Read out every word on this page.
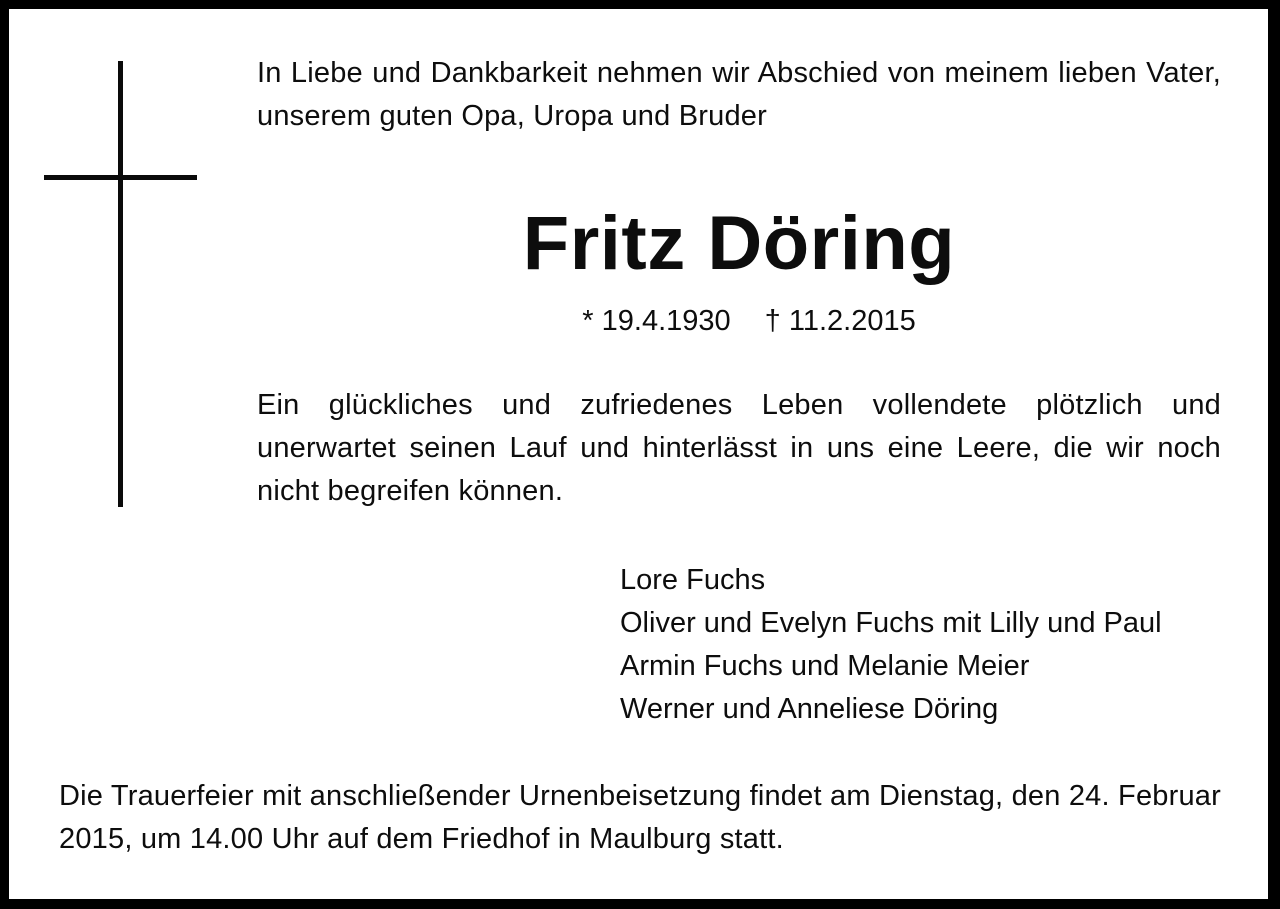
In Liebe und Dankbarkeit nehmen wir Abschied von meinem lieben Vater, unserem guten Opa, Uropa und Bruder

Fritz Döring
* 19.4.1930 † 11.2.2015

Ein glückliches und zufriedenes Leben vollendete plötzlich und unerwartet seinen Lauf und hinterlässt in uns eine Leere, die wir noch nicht begreifen können.

Lore Fuchs
Oliver und Evelyn Fuchs mit Lilly und Paul
Armin Fuchs und Melanie Meier
Werner und Anneliese Döring

Die Trauerfeier mit anschließender Urnenbeisetzung findet am Dienstag, den 24. Februar 2015, um 14.00 Uhr auf dem Friedhof in Maulburg statt.
